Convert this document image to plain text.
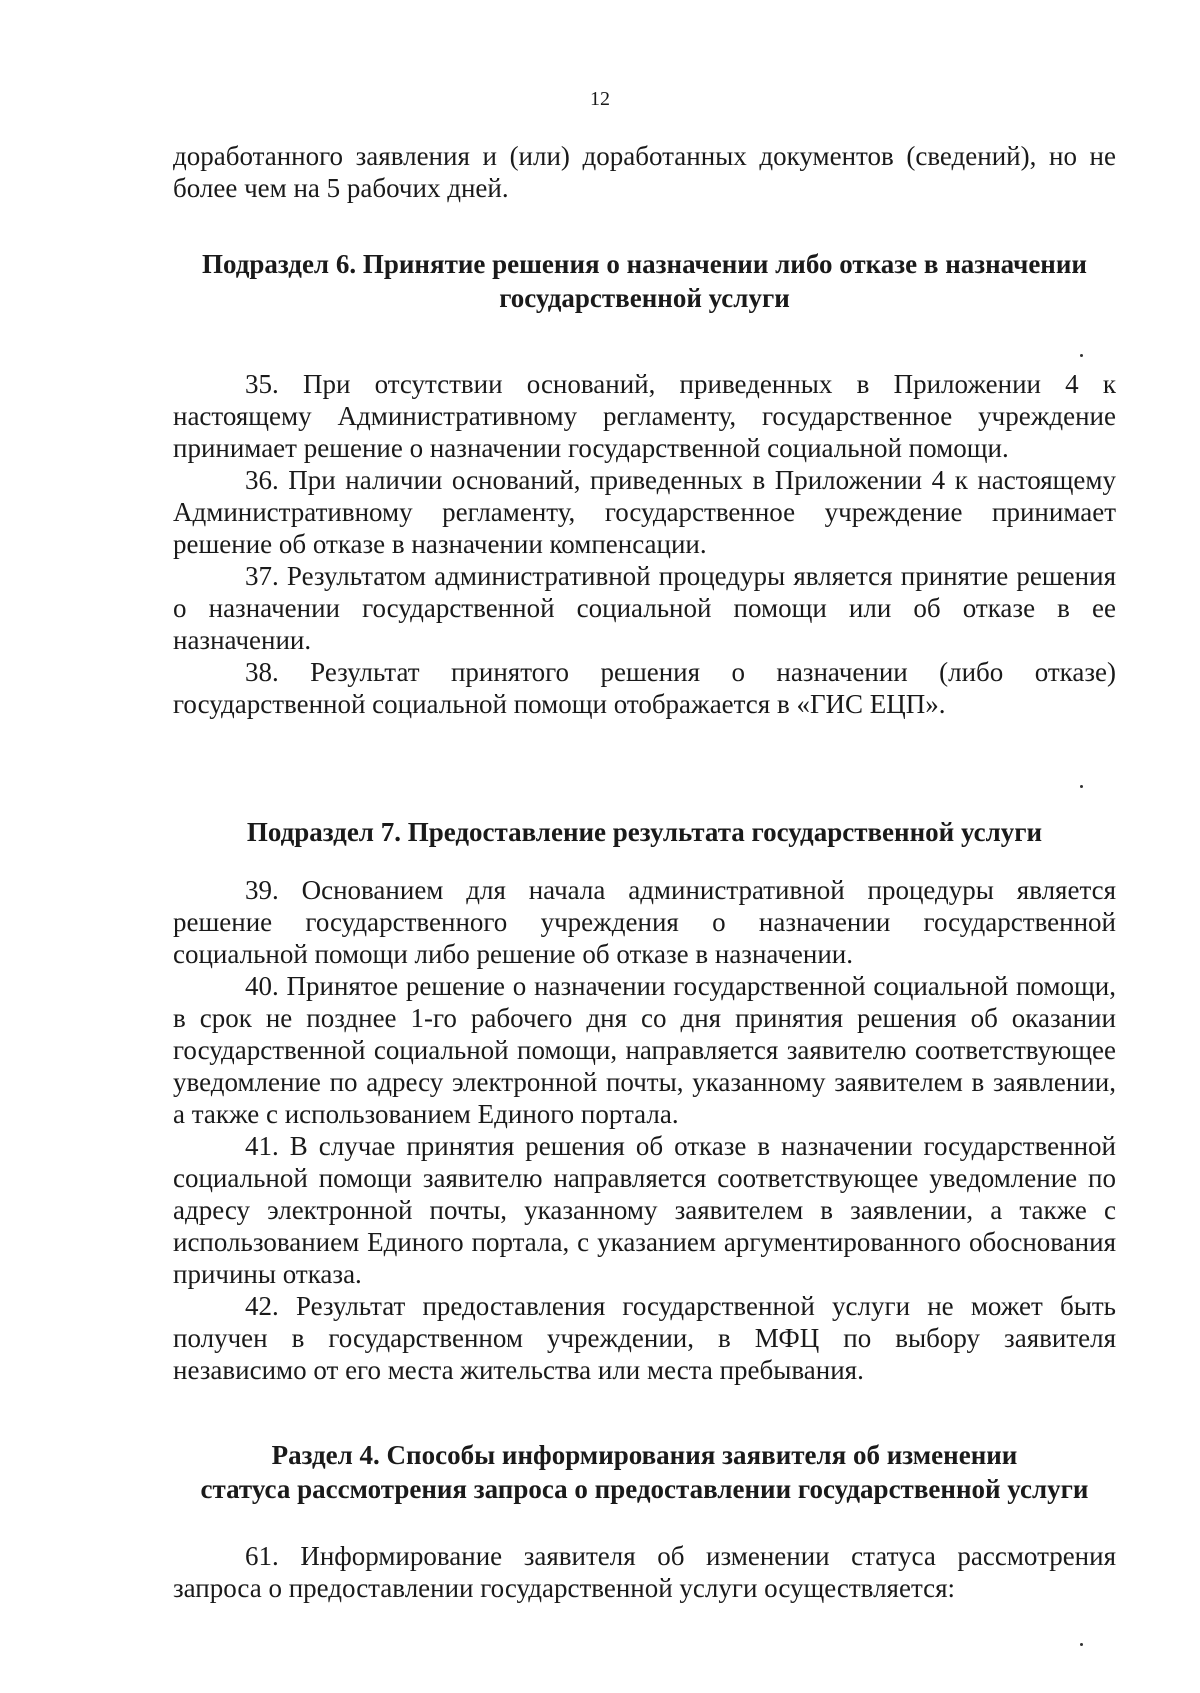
12

доработанного заявления и (или) доработанных документов (сведений), но не более чем на 5 рабочих дней.

Подраздел 6. Принятие решения о назначении либо отказе в назначении государственной услуги

35. При отсутствии оснований, приведенных в Приложении 4 к настоящему Административному регламенту, государственное учреждение принимает решение о назначении государственной социальной помощи.

36. При наличии оснований, приведенных в Приложении 4 к настоящему Административному регламенту, государственное учреждение принимает решение об отказе в назначении компенсации.

37. Результатом административной процедуры является принятие решения о назначении государственной социальной помощи или об отказе в ее назначении.

38. Результат принятого решения о назначении (либо отказе) государственной социальной помощи отображается в «ГИС ЕЦП».

Подраздел 7. Предоставление результата государственной услуги

39. Основанием для начала административной процедуры является решение государственного учреждения о назначении государственной социальной помощи либо решение об отказе в назначении.

40. Принятое решение о назначении государственной социальной помощи, в срок не позднее 1-го рабочего дня со дня принятия решения об оказании государственной социальной помощи, направляется заявителю соответствующее уведомление по адресу электронной почты, указанному заявителем в заявлении, а также с использованием Единого портала.

41. В случае принятия решения об отказе в назначении государственной социальной помощи заявителю направляется соответствующее уведомление по адресу электронной почты, указанному заявителем в заявлении, а также с использованием Единого портала, с указанием аргументированного обоснования причины отказа.

42. Результат предоставления государственной услуги не может быть получен в государственном учреждении, в МФЦ по выбору заявителя независимо от его места жительства или места пребывания.

Раздел 4. Способы информирования заявителя об изменении
статуса рассмотрения запроса о предоставлении государственной услуги

61. Информирование заявителя об изменении статуса рассмотрения запроса о предоставлении государственной услуги осуществляется:
